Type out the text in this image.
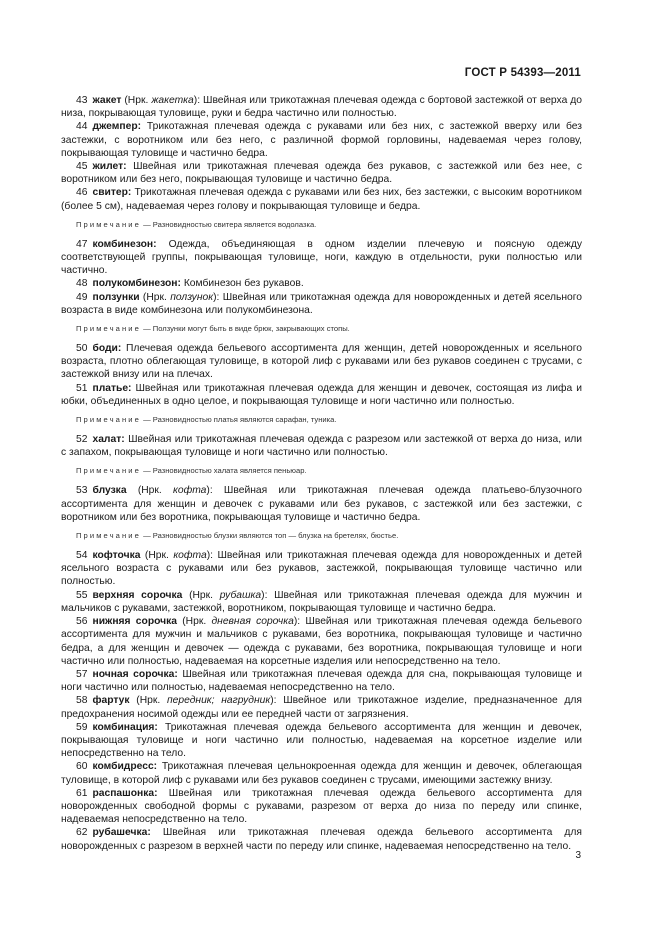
ГОСТ Р 54393—2011

43 жакет (Нрк. жакетка): Швейная или трикотажная плечевая одежда с бортовой застежкой от верха до низа, покрывающая туловище, руки и бедра частично или полностью.

44 джемпер: Трикотажная плечевая одежда с рукавами или без них, с застежкой вверху или без застежки, с воротником или без него, с различной формой горловины, надеваемая через голову, покрывающая туловище и частично бедра.

45 жилет: Швейная или трикотажная плечевая одежда без рукавов, с застежкой или без нее, с воротником или без него, покрывающая туловище и частично бедра.

46 свитер: Трикотажная плечевая одежда с рукавами или без них, без застежки, с высоким воротником (более 5 см), надеваемая через голову и покрывающая туловище и бедра.

Примечание — Разновидностью свитера является водолазка.

47 комбинезон: Одежда, объединяющая в одном изделии плечевую и поясную одежду соответствующей группы, покрывающая туловище, ноги, каждую в отдельности, руки полностью или частично.

48 полукомбинезон: Комбинезон без рукавов.

49 ползунки (Нрк. ползунок): Швейная или трикотажная одежда для новорожденных и детей ясельного возраста в виде комбинезона или полукомбинезона.

Примечание — Ползунки могут быть в виде брюк, закрывающих стопы.

50 боди: Плечевая одежда бельевого ассортимента для женщин, детей новорожденных и ясельного возраста, плотно облегающая туловище, в которой лиф с рукавами или без рукавов соединен с трусами, с застежкой внизу или на плечах.

51 платье: Швейная или трикотажная плечевая одежда для женщин и девочек, состоящая из лифа и юбки, объединенных в одно целое, и покрывающая туловище и ноги частично или полностью.

Примечание — Разновидностью платья являются сарафан, туника.

52 халат: Швейная или трикотажная плечевая одежда с разрезом или застежкой от верха до низа, или с запахом, покрывающая туловище и ноги частично или полностью.

Примечание — Разновидностью халата является пеньюар.

53 блузка (Нрк. кофта): Швейная или трикотажная плечевая одежда платьево-блузочного ассортимента для женщин и девочек с рукавами или без рукавов, с застежкой или без застежки, с воротником или без воротника, покрывающая туловище и частично бедра.

Примечание — Разновидностью блузки являются топ — блузка на бретелях, бюстье.

54 кофточка (Нрк. кофта): Швейная или трикотажная плечевая одежда для новорожденных и детей ясельного возраста с рукавами или без рукавов, застежкой, покрывающая туловище частично или полностью.

55 верхняя сорочка (Нрк. рубашка): Швейная или трикотажная плечевая одежда для мужчин и мальчиков с рукавами, застежкой, воротником, покрывающая туловище и частично бедра.

56 нижняя сорочка (Нрк. дневная сорочка): Швейная или трикотажная плечевая одежда бельевого ассортимента для мужчин и мальчиков с рукавами, без воротника, покрывающая туловище и частично бедра, а для женщин и девочек — одежда с рукавами, без воротника, покрывающая туловище и ноги частично или полностью, надеваемая на корсетные изделия или непосредственно на тело.

57 ночная сорочка: Швейная или трикотажная плечевая одежда для сна, покрывающая туловище и ноги частично или полностью, надеваемая непосредственно на тело.

58 фартук (Нрк. передник; нагрудник): Швейное или трикотажное изделие, предназначенное для предохранения носимой одежды или ее передней части от загрязнения.

59 комбинация: Трикотажная плечевая одежда бельевого ассортимента для женщин и девочек, покрывающая туловище и ноги частично или полностью, надеваемая на корсетное изделие или непосредственно на тело.

60 комбидресс: Трикотажная плечевая цельнокроенная одежда для женщин и девочек, облегающая туловище, в которой лиф с рукавами или без рукавов соединен с трусами, имеющими застежку внизу.

61 распашонка: Швейная или трикотажная плечевая одежда бельевого ассортимента для новорожденных свободной формы с рукавами, разрезом от верха до низа по переду или спинке, надеваемая непосредственно на тело.

62 рубашечка: Швейная или трикотажная плечевая одежда бельевого ассортимента для новорожденных с разрезом в верхней части по переду или спинке, надеваемая непосредственно на тело.

3
